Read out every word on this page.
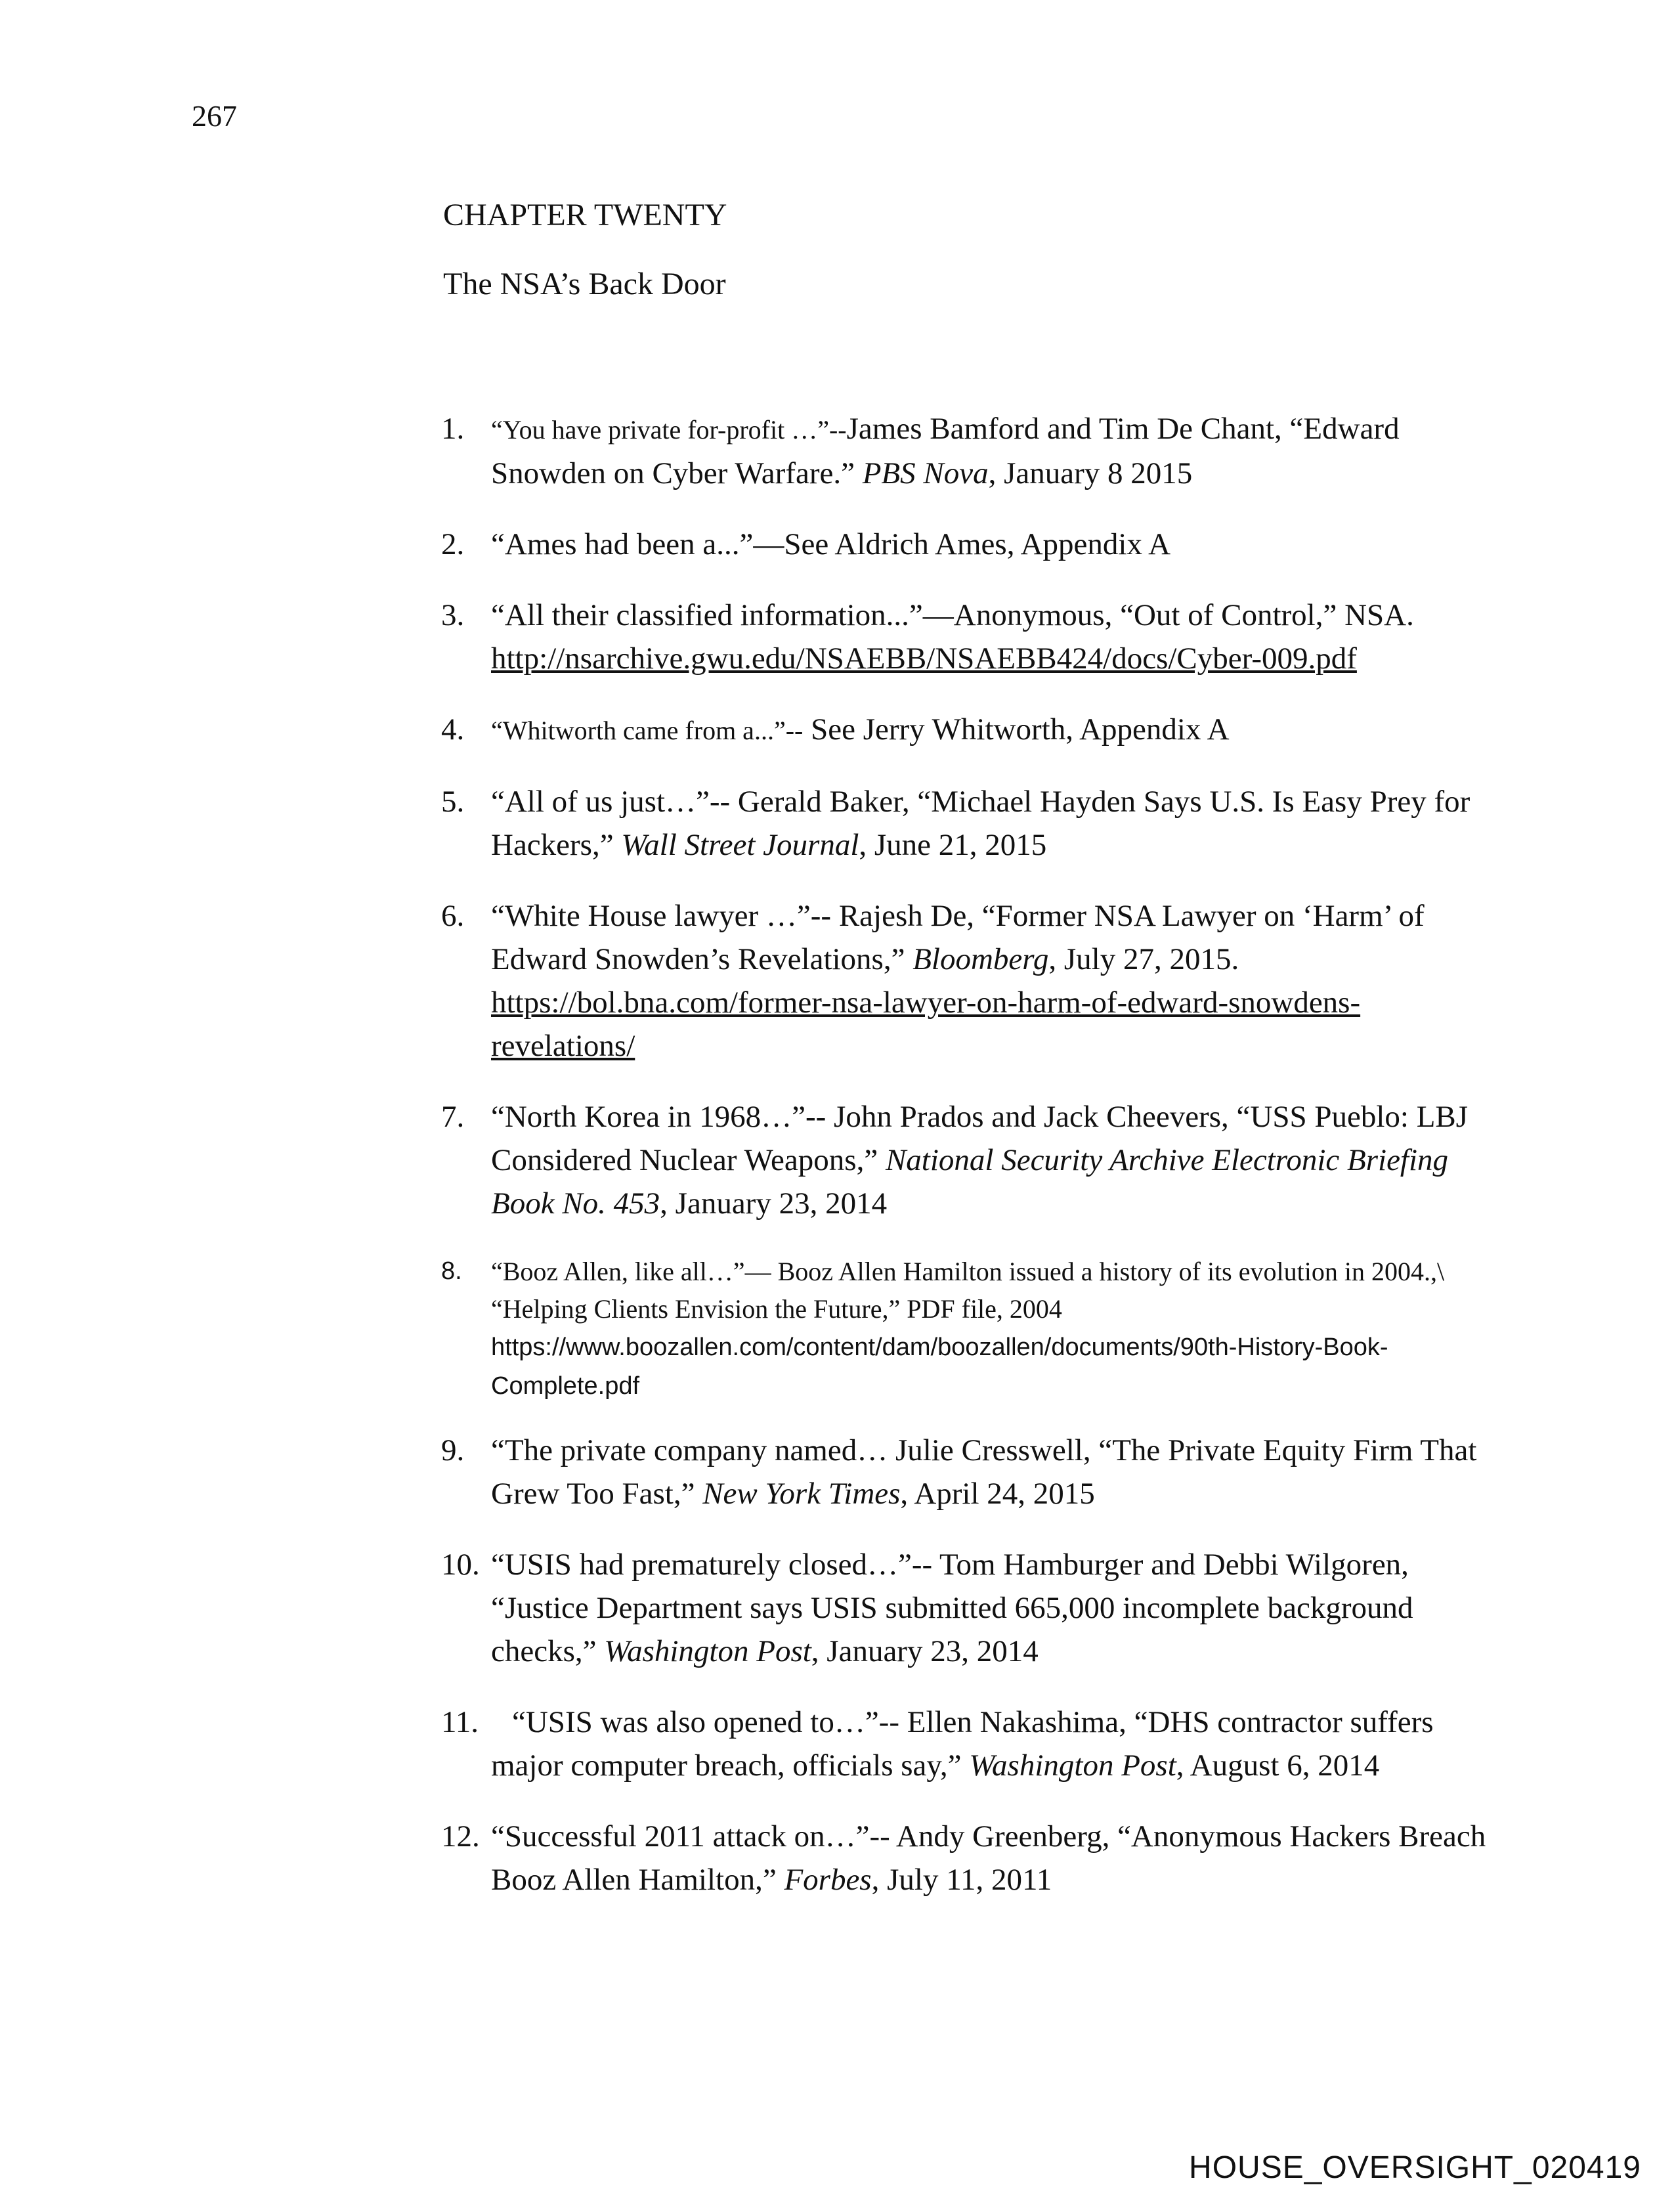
267
CHAPTER TWENTY
The NSA’s Back Door
1. “You have private for-profit …”--James Bamford and Tim De Chant, “Edward Snowden on Cyber Warfare.” PBS Nova, January 8 2015
2. “Ames had been a...”—See Aldrich Ames, Appendix A
3. “All their classified information...”—Anonymous, “Out of Control,” NSA.
http://nsarchive.gwu.edu/NSAEBB/NSAEBB424/docs/Cyber-009.pdf
4. “Whitworth came from a...”-- See Jerry Whitworth, Appendix A
5. “All of us just…”-- Gerald Baker, “Michael Hayden Says U.S. Is Easy Prey for Hackers,” Wall Street Journal, June 21, 2015
6. “White House lawyer …”-- Rajesh De, “Former NSA Lawyer on ‘Harm’ of Edward Snowden’s Revelations,” Bloomberg, July 27, 2015.
https://bol.bna.com/former-nsa-lawyer-on-harm-of-edward-snowdens-revelations/
7. “North Korea in 1968…”-- John Prados and Jack Cheevers, “USS Pueblo: LBJ Considered Nuclear Weapons,” National Security Archive Electronic Briefing Book No. 453, January 23, 2014
8. “Booz Allen, like all…”— Booz Allen Hamilton issued a history of its evolution in 2004.,\ “Helping Clients Envision the Future,” PDF file, 2004
https://www.boozallen.com/content/dam/boozallen/documents/90th-History-Book-Complete.pdf
9. “The private company named… Julie Cresswell, “The Private Equity Firm That Grew Too Fast,” New York Times, April 24, 2015
10. “USIS had prematurely closed…”-- Tom Hamburger and Debbi Wilgoren, “Justice Department says USIS submitted 665,000 incomplete background checks,” Washington Post, January 23, 2014
11. “USIS was also opened to…”-- Ellen Nakashima, “DHS contractor suffers major computer breach, officials say,” Washington Post, August 6, 2014
12. “Successful 2011 attack on…”-- Andy Greenberg, “Anonymous Hackers Breach Booz Allen Hamilton,” Forbes, July 11, 2011
HOUSE_OVERSIGHT_020419
